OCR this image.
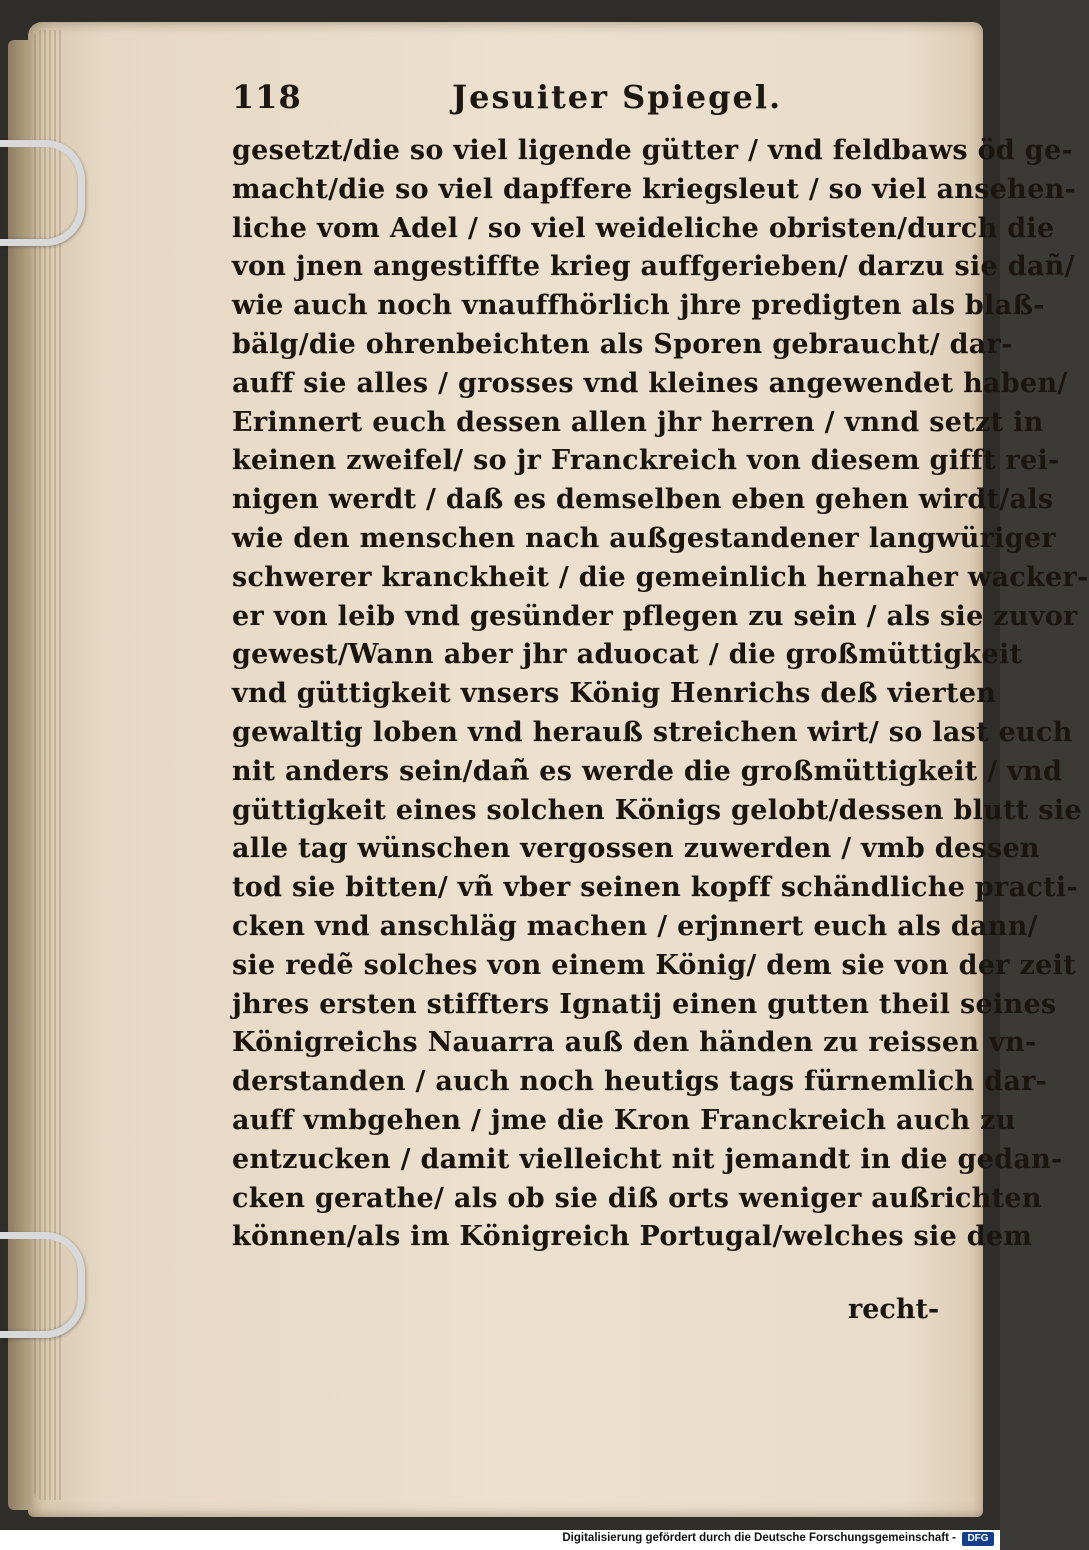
118	Jesuiter Spiegel.
gesetzt/die so viel ligende gütter / vnd feldbaws öd ge-
macht/die so viel dapffere kriegsleut / so viel ansehen-
liche vom Adel / so viel weideliche obristen/durch die
von jnen angestiffte krieg auffgerieben/ darzu sie dañ/
wie auch noch vnauffhörlich jhre predigten als blaß-
bälg/die ohrenbeichten als Sporen gebraucht/ dar-
auff sie alles / grosses vnd kleines angewendet haben/
Erinnert euch dessen allen jhr herren / vnnd setzt in
keinen zweifel/ so jr Franckreich von diesem gifft rei-
nigen werdt / daß es demselben eben gehen wirdt/als
wie den menschen nach außgestandener langwüriger
schwerer kranckheit / die gemeinlich hernaher wacker-
er von leib vnd gesünder pflegen zu sein / als sie zuvor
gewest/Wann aber jhr aduocat / die großmüttigkeit
vnd güttigkeit vnsers König Henrichs deß vierten
gewaltig loben vnd herauß streichen wirt/ so last euch
nit anders sein/dañ es werde die großmüttigkeit / vnd
güttigkeit eines solchen Königs gelobt/dessen blutt sie
alle tag wünschen vergossen zuwerden / vmb dessen
tod sie bitten/ vñ vber seinen kopff schändliche practi-
cken vnd anschläg machen / erjnnert euch als dann/
sie redẽ solches von einem König/ dem sie von der zeit
jhres ersten stiffters Ignatij einen gutten theil seines
Königreichs Nauarra auß den händen zu reissen vn-
derstanden / auch noch heutigs tags fürnemlich dar-
auff vmbgehen / jme die Kron Franckreich auch zu
entzucken / damit vielleicht nit jemandt in die gedan-
cken gerathe/ als ob sie diß orts weniger außrichten
können/als im Königreich Portugal/welches sie dem
recht-
Digitalisierung gefördert durch die Deutsche Forschungsgemeinschaft -	DFG
